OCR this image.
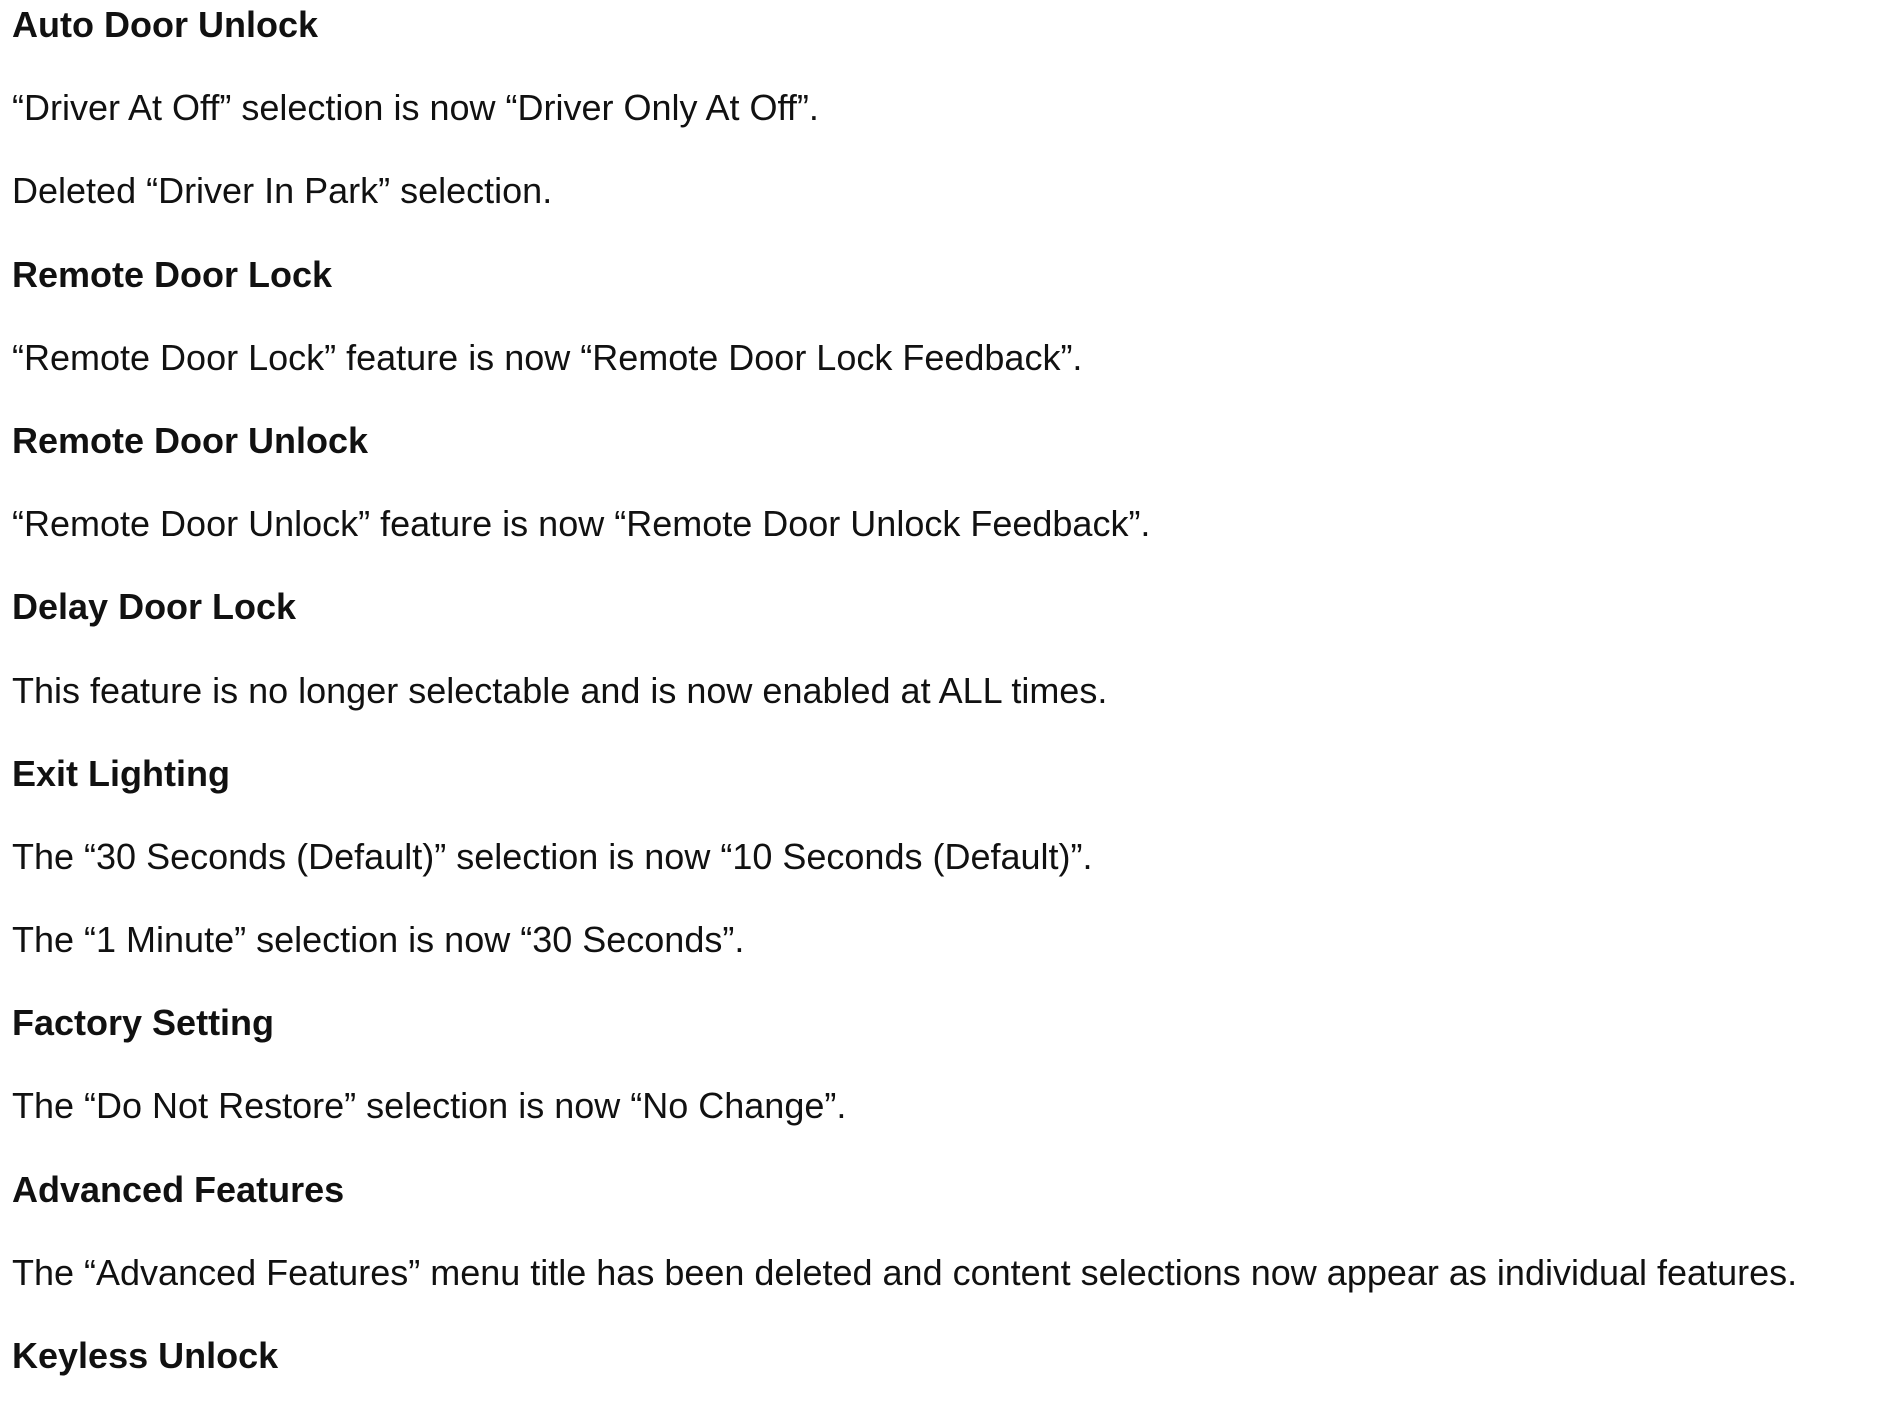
Auto Door Unlock
“Driver At Off” selection is now “Driver Only At Off”.
Deleted “Driver In Park” selection.
Remote Door Lock
“Remote Door Lock” feature is now “Remote Door Lock Feedback”.
Remote Door Unlock
“Remote Door Unlock” feature is now “Remote Door Unlock Feedback”.
Delay Door Lock
This feature is no longer selectable and is now enabled at ALL times.
Exit Lighting
The “30 Seconds (Default)” selection is now “10 Seconds (Default)”.
The “1 Minute” selection is now “30 Seconds”.
Factory Setting
The “Do Not Restore” selection is now “No Change”.
Advanced Features
The “Advanced Features” menu title has been deleted and content selections now appear as individual features.
Keyless Unlock
